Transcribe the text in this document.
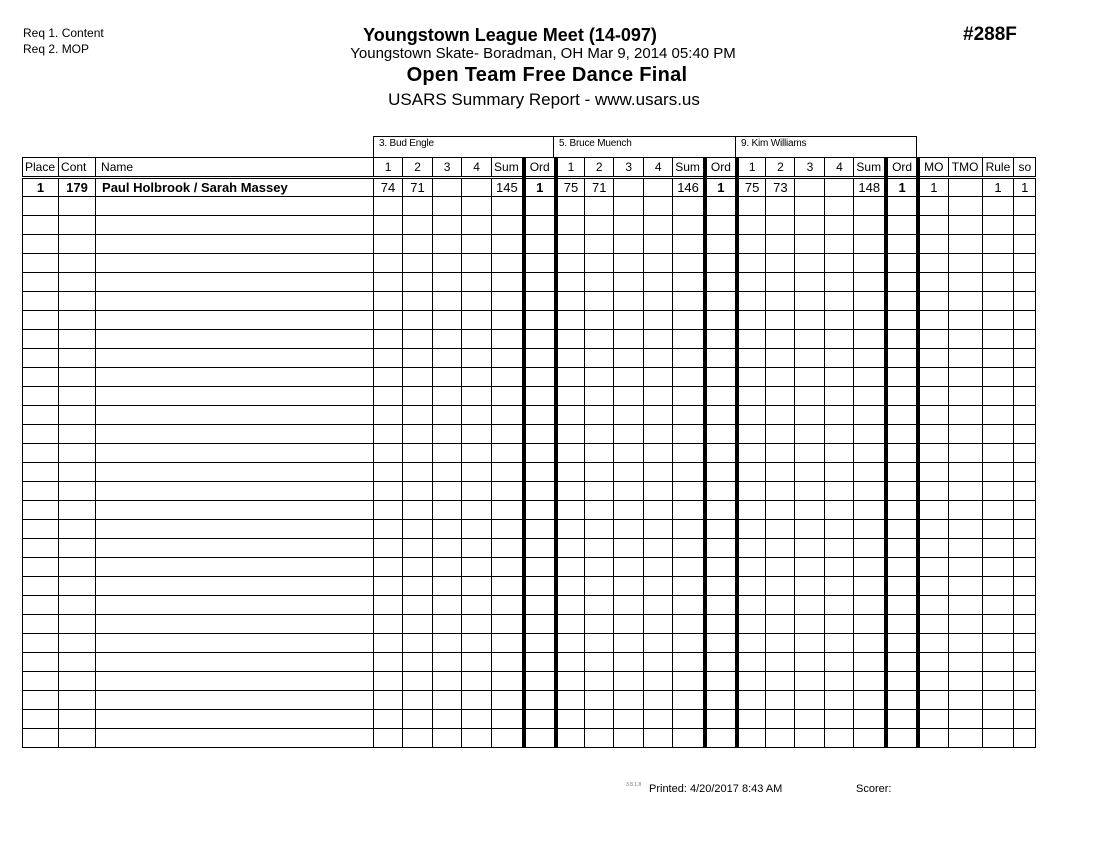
Req 1. Content
Req 2. MOP
Youngstown League Meet (14-097)
Youngstown Skate- Boradman, OH Mar 9, 2014 05:40 PM
Open Team Free Dance Final
USARS Summary Report - www.usars.us
#288F
3. Bud Engle	5. Bruce Muench	9. Kim Williams
Place	Cont	Name	1	2	3	4	Sum	Ord	1	2	3	4	Sum	Ord	1	2	3	4	Sum	Ord	MO	TMO	Rule	so
1	179	Paul Holbrook / Sarah Massey	74	71			145	1	75	71			146	1	75	73			148	1	1		1	1

3.8.1.8 Printed: 4/20/2017 8:43 AM	Scorer:
